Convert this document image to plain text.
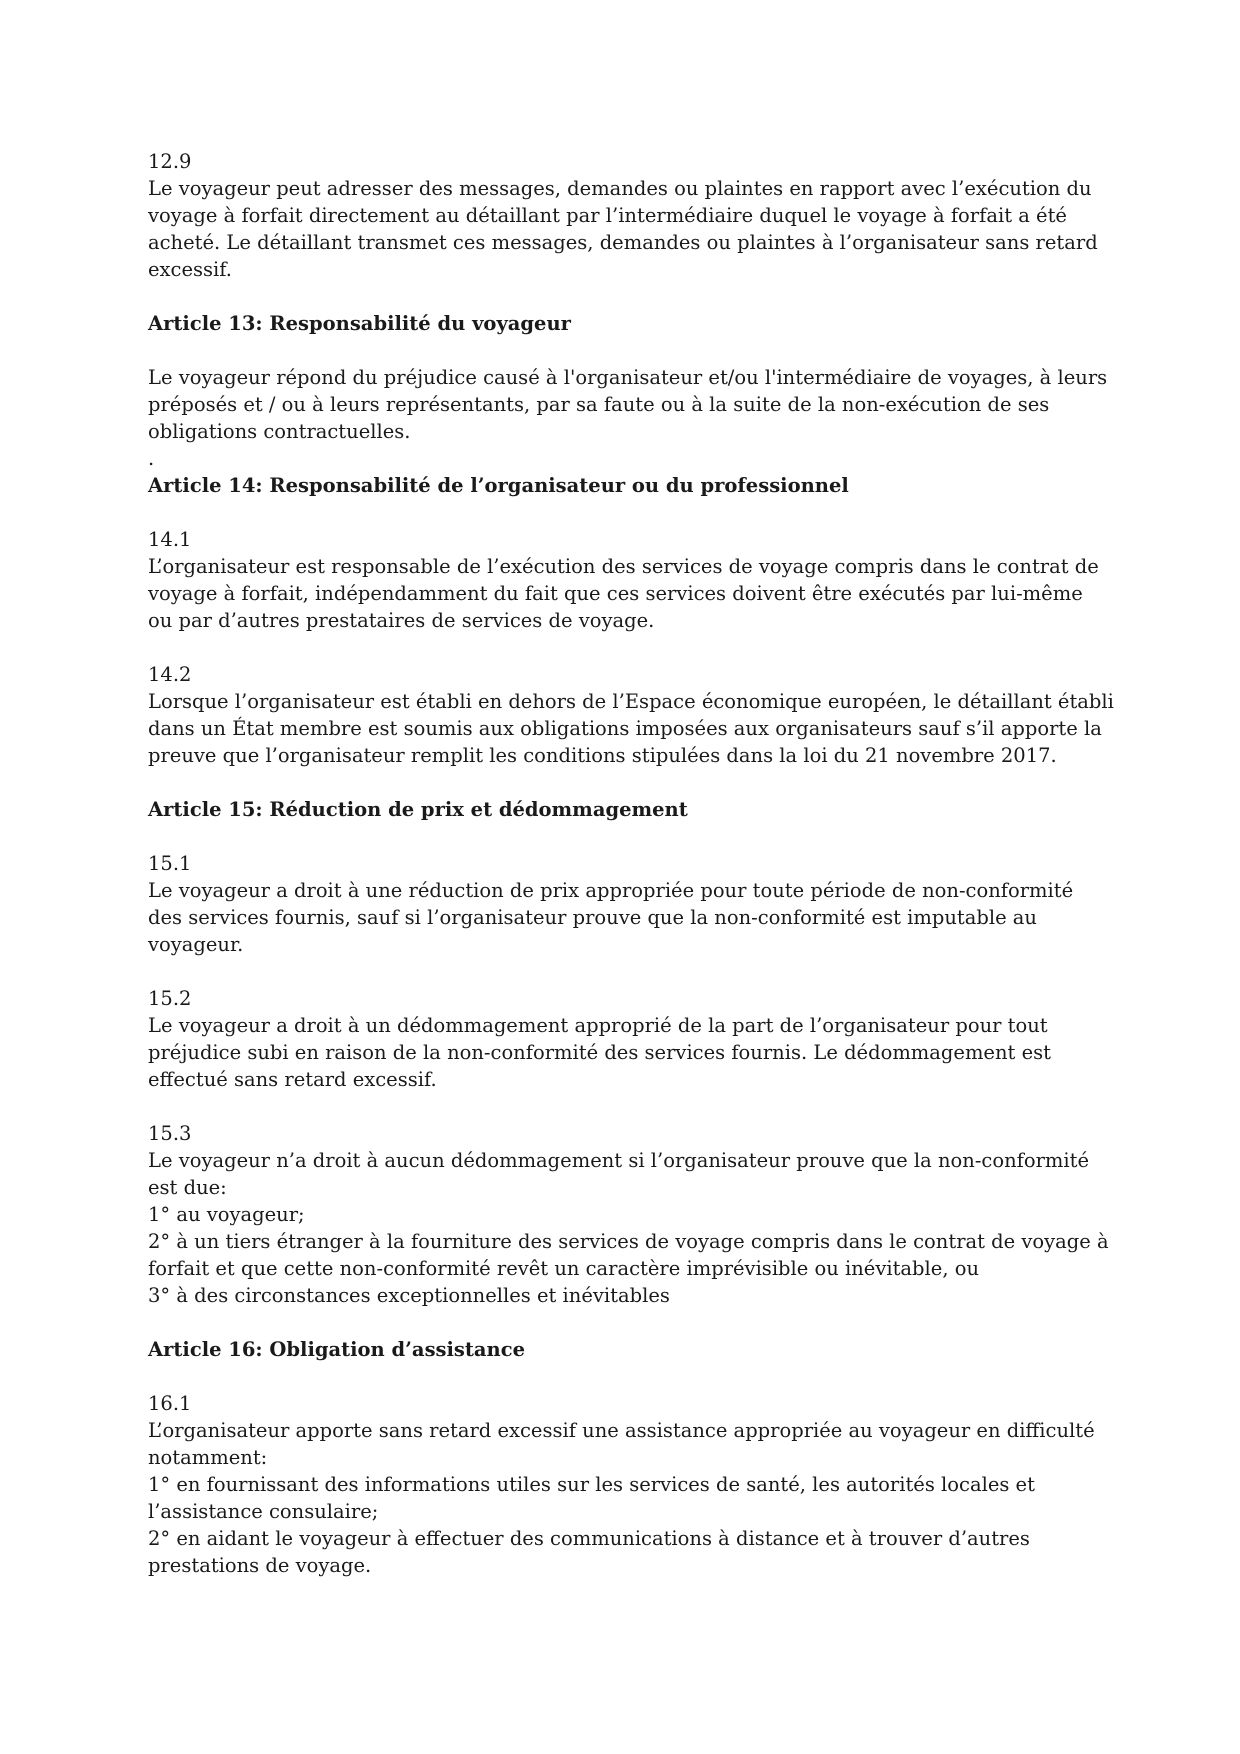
12.9
Le voyageur peut adresser des messages, demandes ou plaintes en rapport avec l’exécution du
voyage à forfait directement au détaillant par l’intermédiaire duquel le voyage à forfait a été
acheté. Le détaillant transmet ces messages, demandes ou plaintes à l’organisateur sans retard
excessif.
Article 13: Responsabilité du voyageur
Le voyageur répond du préjudice causé à l'organisateur et/ou l'intermédiaire de voyages, à leurs
préposés et / ou à leurs représentants, par sa faute ou à la suite de la non-exécution de ses
obligations contractuelles.
.
Article 14: Responsabilité de l’organisateur ou du professionnel
14.1
L’organisateur est responsable de l’exécution des services de voyage compris dans le contrat de
voyage à forfait, indépendamment du fait que ces services doivent être exécutés par lui-même
ou par d’autres prestataires de services de voyage.
14.2
Lorsque l’organisateur est établi en dehors de l’Espace économique européen, le détaillant établi
dans un État membre est soumis aux obligations imposées aux organisateurs sauf s’il apporte la
preuve que l’organisateur remplit les conditions stipulées dans la loi du 21 novembre 2017.
Article 15: Réduction de prix et dédommagement
15.1
Le voyageur a droit à une réduction de prix appropriée pour toute période de non-conformité
des services fournis, sauf si l’organisateur prouve que la non-conformité est imputable au
voyageur.
15.2
Le voyageur a droit à un dédommagement approprié de la part de l’organisateur pour tout
préjudice subi en raison de la non-conformité des services fournis. Le dédommagement est
effectué sans retard excessif.
15.3
Le voyageur n’a droit à aucun dédommagement si l’organisateur prouve que la non-conformité
est due:
1° au voyageur;
2° à un tiers étranger à la fourniture des services de voyage compris dans le contrat de voyage à
forfait et que cette non-conformité revêt un caractère imprévisible ou inévitable, ou
3° à des circonstances exceptionnelles et inévitables
Article 16: Obligation d’assistance
16.1
L’organisateur apporte sans retard excessif une assistance appropriée au voyageur en difficulté
notamment:
1° en fournissant des informations utiles sur les services de santé, les autorités locales et
l’assistance consulaire;
2° en aidant le voyageur à effectuer des communications à distance et à trouver d’autres
prestations de voyage.
